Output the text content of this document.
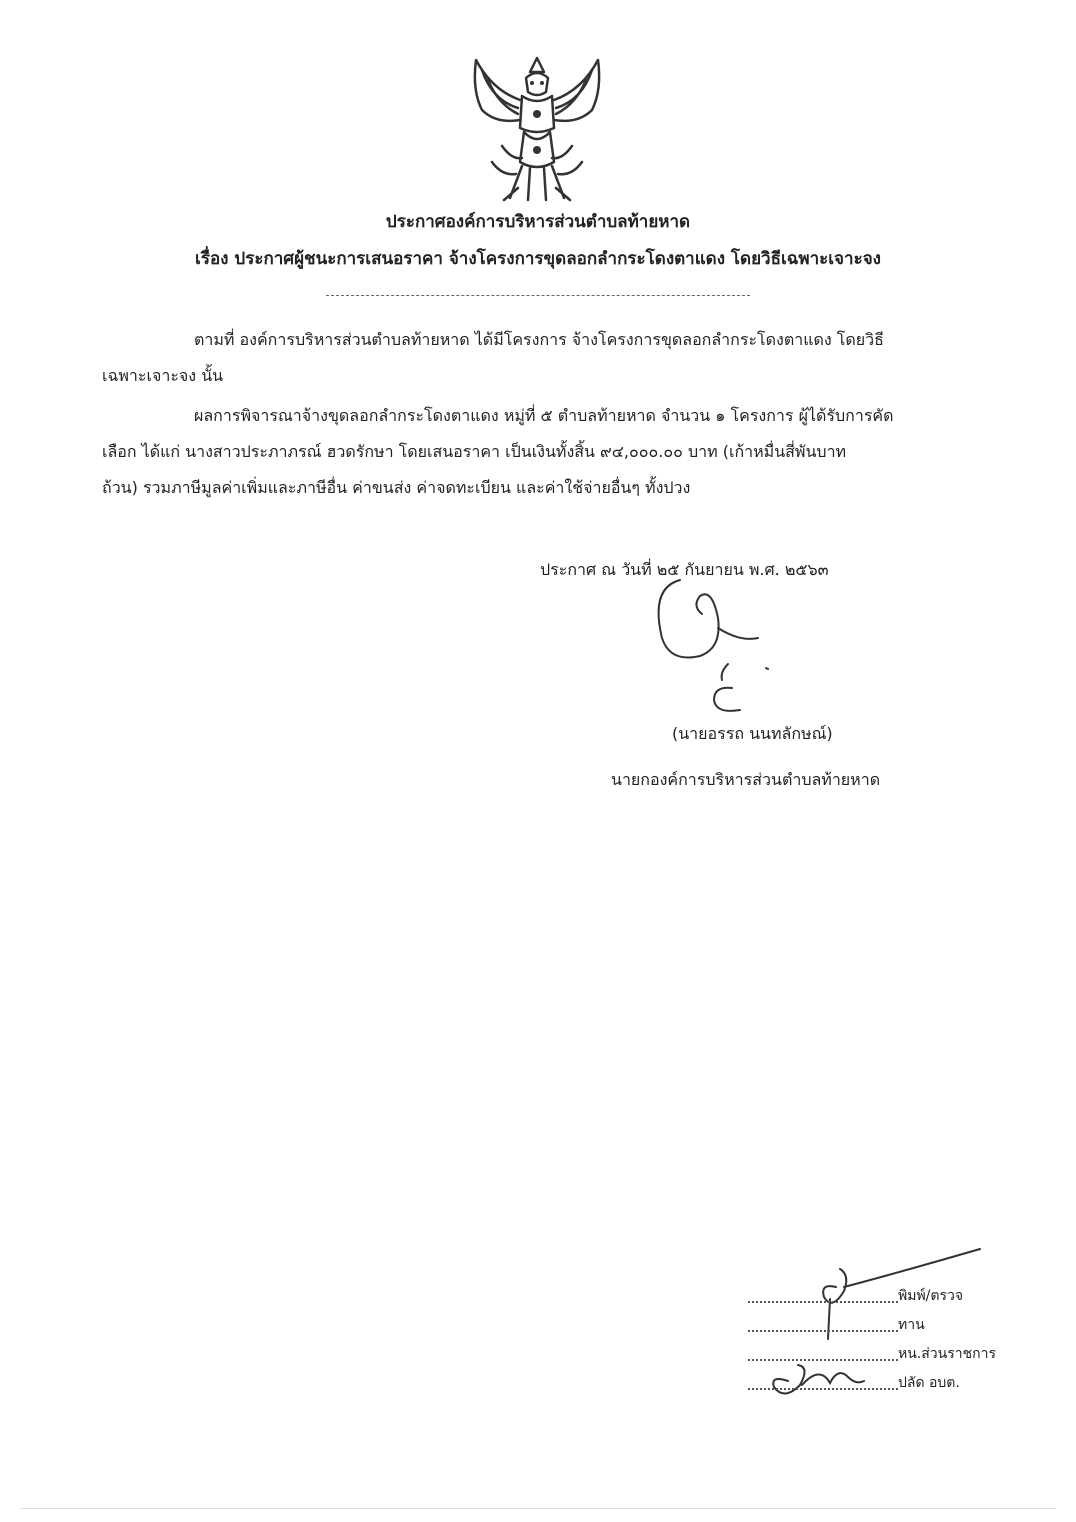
ประกาศองค์การบริหารส่วนตำบลท้ายหาด
เรื่อง ประกาศผู้ชนะการเสนอราคา จ้างโครงการขุดลอกลำกระโดงตาแดง โดยวิธีเฉพาะเจาะจง
ตามที่ องค์การบริหารส่วนตำบลท้ายหาด ได้มีโครงการ จ้างโครงการขุดลอกลำกระโดงตาแดง โดยวิธี
เฉพาะเจาะจง นั้น
ผลการพิจารณาจ้างขุดลอกลำกระโดงตาแดง หมู่ที่ ๕ ตำบลท้ายหาด จำนวน ๑ โครงการ ผู้ได้รับการคัด
เลือก ได้แก่ นางสาวประภาภรณ์ ฮวดรักษา โดยเสนอราคา เป็นเงินทั้งสิ้น ๙๔,๐๐๐.๐๐ บาท (เก้าหมื่นสี่พันบาท
ถ้วน) รวมภาษีมูลค่าเพิ่มและภาษีอื่น ค่าขนส่ง ค่าจดทะเบียน และค่าใช้จ่ายอื่นๆ ทั้งปวง
ประกาศ ณ วันที่ ๒๕ กันยายน พ.ศ. ๒๕๖๓
(นายอรรถ นนทลักษณ์)
นายกองค์การบริหารส่วนตำบลท้ายหาด
พิมพ์/ตรวจ
ทาน
หน.ส่วนราชการ
ปลัด อบต.
